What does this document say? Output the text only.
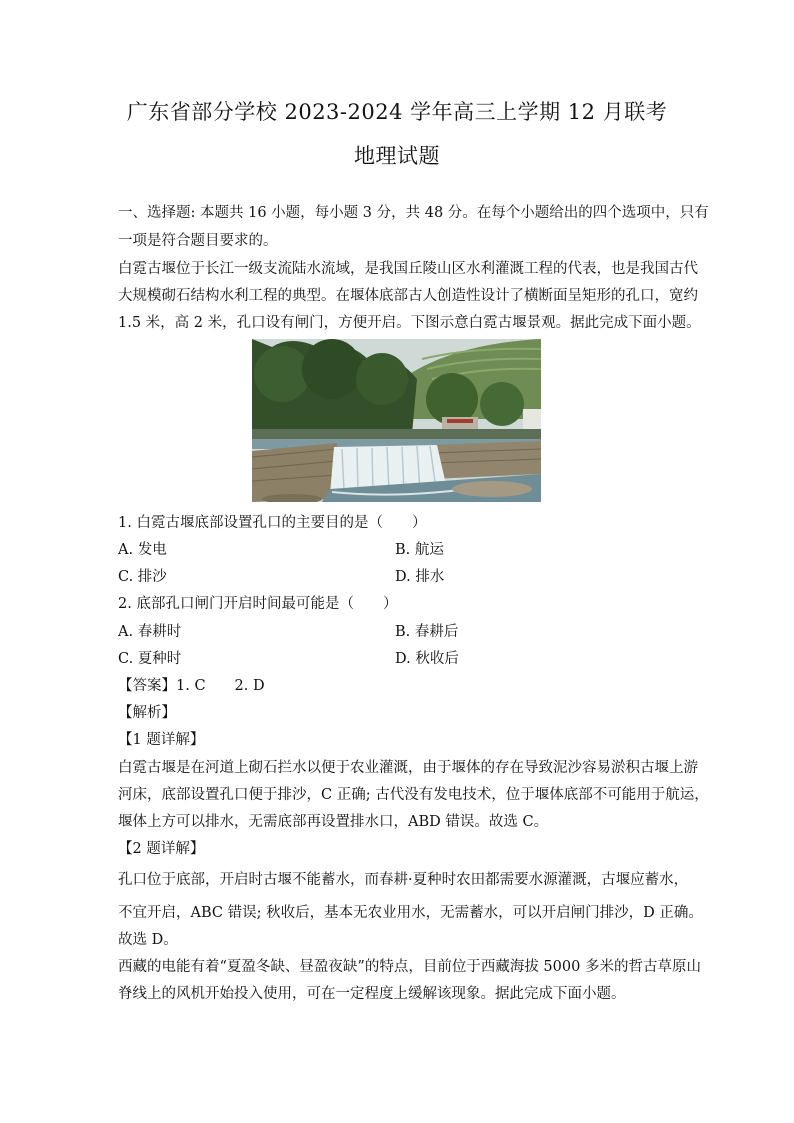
广东省部分学校 2023-2024 学年高三上学期 12 月联考
地理试题
一、选择题: 本题共 16 小题，每小题 3 分，共 48 分。在每个小题给出的四个选项中，只有
一项是符合题目要求的。
白霓古堰位于长江一级支流陆水流域，是我国丘陵山区水利灌溉工程的代表，也是我国古代
大规模砌石结构水利工程的典型。在堰体底部古人创造性设计了横断面呈矩形的孔口，宽约
1.5 米，高 2 米，孔口设有闸门，方便开启。下图示意白霓古堰景观。据此完成下面小题。
1. 白霓古堰底部设置孔口的主要目的是（　　）
A. 发电	B. 航运
C. 排沙	D. 排水
2. 底部孔口闸门开启时间最可能是（　　）
A. 春耕时	B. 春耕后
C. 夏种时	D. 秋收后
【答案】1. C　　2. D
【解析】
【1 题详解】
白霓古堰是在河道上砌石拦水以便于农业灌溉，由于堰体的存在导致泥沙容易淤积古堰上游
河床，底部设置孔口便于排沙，C 正确; 古代没有发电技术，位于堰体底部不可能用于航运，
堰体上方可以排水，无需底部再设置排水口，ABD 错误。故选 C。
【2 题详解】
孔口位于底部，开启时古堰不能蓄水，而春耕·夏种时农田都需要水源灌溉，古堰应蓄水，
不宜开启，ABC 错误; 秋收后，基本无农业用水，无需蓄水，可以开启闸门排沙，D 正确。
故选 D。
西藏的电能有着“夏盈冬缺、昼盈夜缺”的特点，目前位于西藏海拔 5000 多米的哲古草原山
脊线上的风机开始投入使用，可在一定程度上缓解该现象。据此完成下面小题。
